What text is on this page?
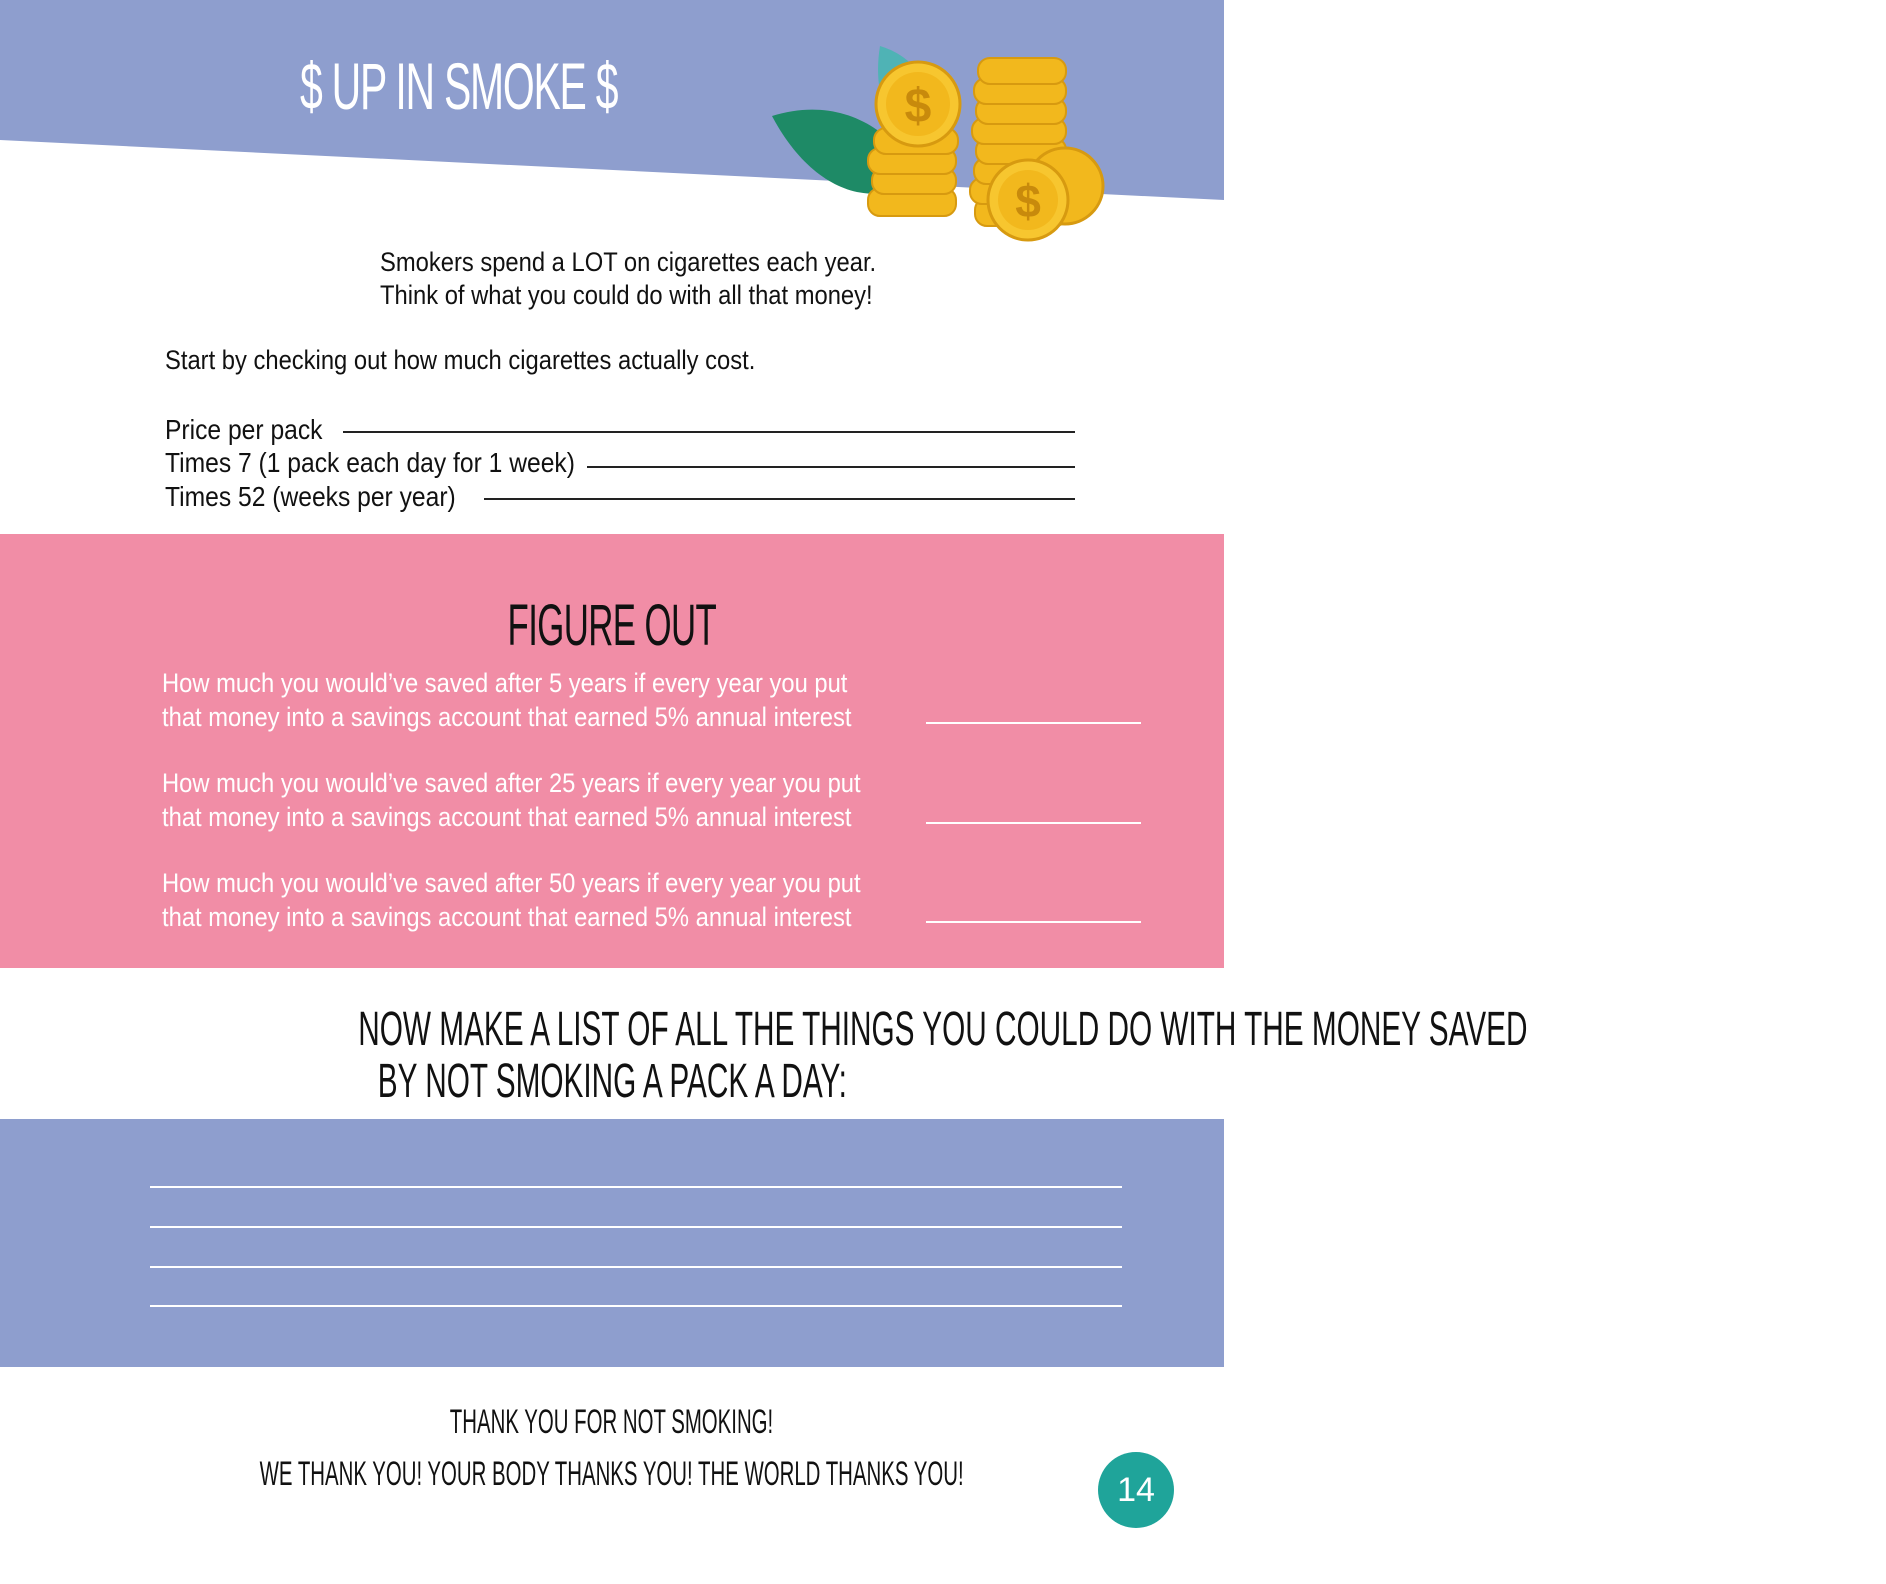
$ UP IN SMOKE $	$
$
Smokers spend a LOT on cigarettes each year.
Think of what you could do with all that money!
Start by checking out how much cigarettes actually cost.
Price per pack
Times 7 (1 pack each day for 1 week)
Times 52 (weeks per year)
FIGURE OUT
How much you would’ve saved after 5 years if every year you put
that money into a savings account that earned 5% annual interest
How much you would’ve saved after 25 years if every year you put
that money into a savings account that earned 5% annual interest
How much you would’ve saved after 50 years if every year you put
that money into a savings account that earned 5% annual interest
NOW MAKE A LIST OF ALL THE THINGS YOU COULD DO WITH THE MONEY SAVED
BY NOT SMOKING A PACK A DAY:
THANK YOU FOR NOT SMOKING!
WE THANK YOU! YOUR BODY THANKS YOU! THE WORLD THANKS YOU!	14
